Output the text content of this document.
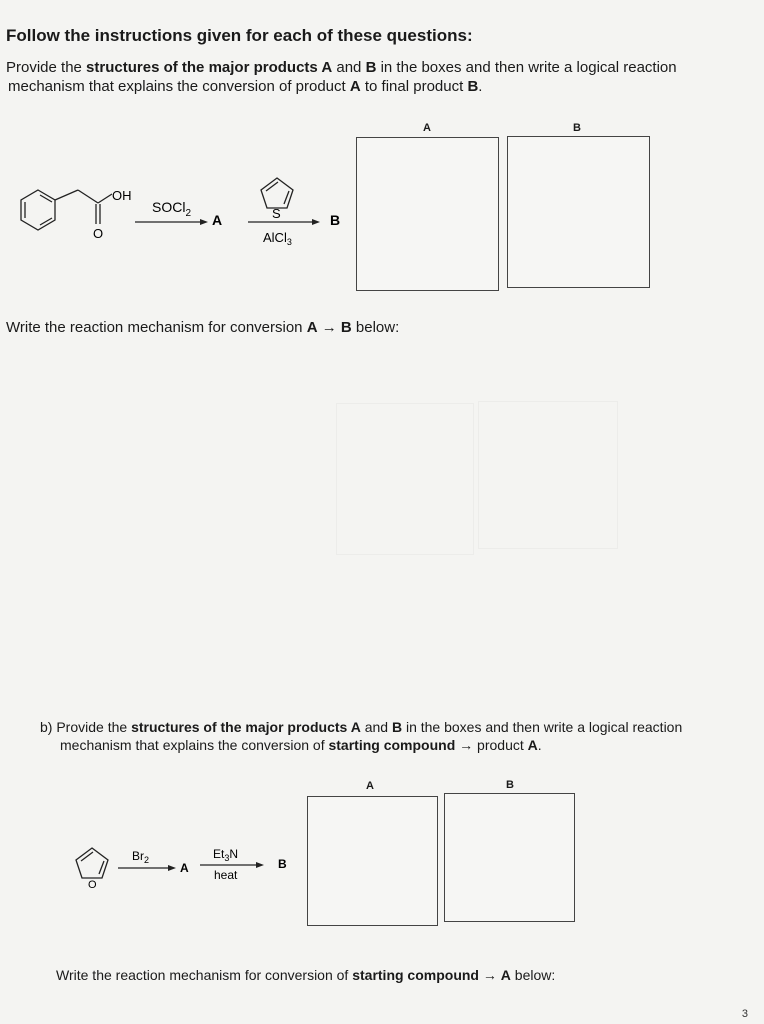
Follow the instructions given for each of these questions:
Provide the structures of the major products A and B in the boxes and then write a logical reaction
mechanism that explains the conversion of product A to final product B.
A	B
OH
O
SOCl$_2$ A	S
AlCl$_3$
B
Write the reaction mechanism for conversion A → B below:
b) Provide the structures of the major products A and B in the boxes and then write a logical reaction
mechanism that explains the conversion of starting compound → product A.
A	B
O
$Br_2$
A
$Et_3N$
heat
B
Write the reaction mechanism for conversion of starting compound → A below:
3
